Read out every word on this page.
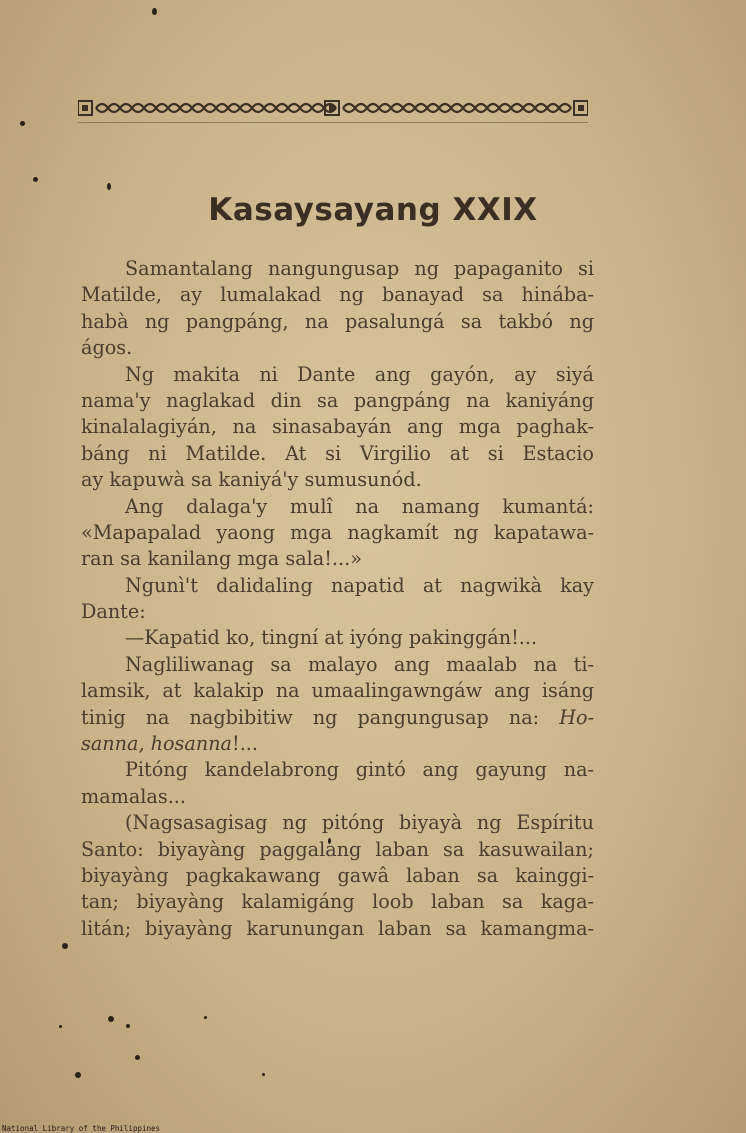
Kasaysayang XXIX

Samantalang nangungusap ng papaganito si
Matilde, ay lumalakad ng banayad sa hinába-
habà ng pangpáng, na pasalungá sa takbó ng
ágos.

Ng makita ni Dante ang gayón, ay siyá
nama'y naglakad din sa pangpáng na kaniyáng
kinalalagiyán, na sinasabayán ang mga paghak-
báng ni Matilde. At si Virgilio at si Estacio
ay kapuwà sa kaniyá'y sumusunód.

Ang dalaga'y mulî na namang kumantá:
«Mapapalad yaong mga nagkamít ng kapatawa-
ran sa kanilang mga sala!...»

Ngunì't dalidaling napatid at nagwikà kay
Dante:

—Kapatid ko, tingní at iyóng pakinggán!...

Nagliliwanag sa malayo ang maalab na ti-
lamsik, at kalakip na umaalingawngáw ang isáng
tinig na nagbibitiw ng pangungusap na: Ho-
sanna, hosanna!...

Pitóng kandelabrong gintó ang gayung na-
mamalas...

(Nagsasagisag ng pitóng biyayà ng Espíritu
Santo: biyayàng paggalang laban sa kasuwailan;
biyayàng pagkakawang gawâ laban sa kainggi-
tan; biyayàng kalamigáng loob laban sa kaga-
litán; biyayàng karunungan laban sa kamangma-

National Library of the Philippines
